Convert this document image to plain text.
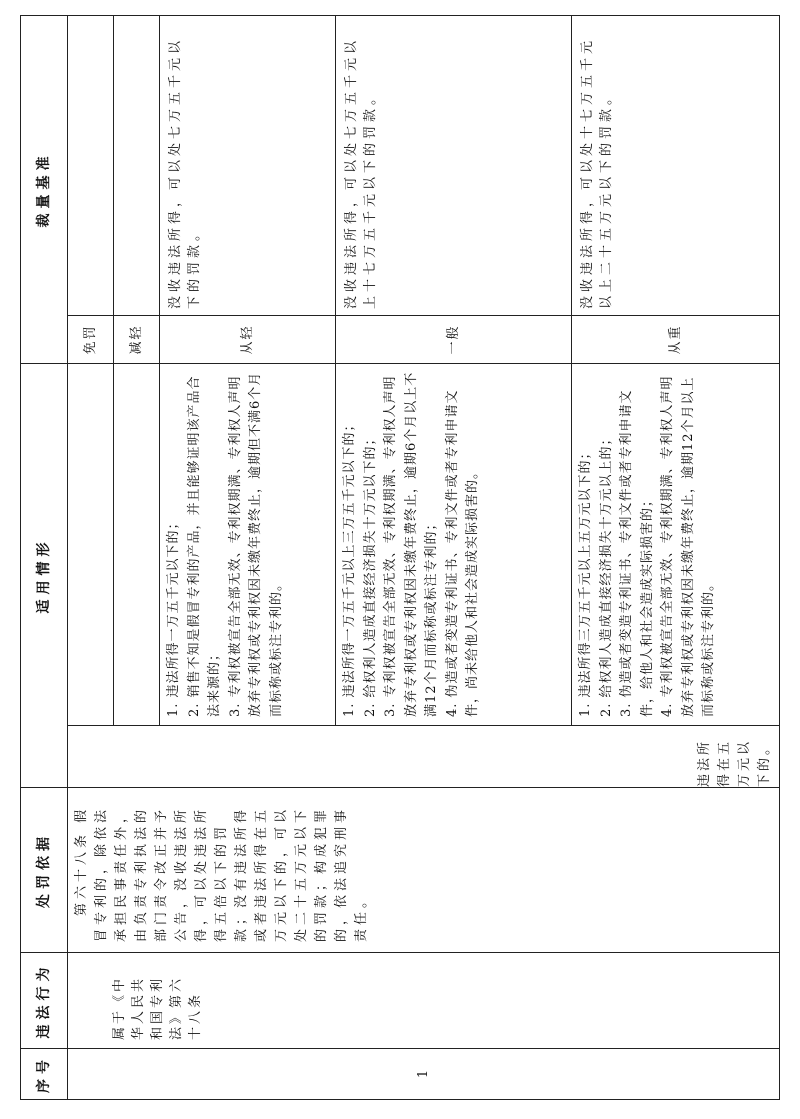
序号	违法行为	处罚依据	适用情形		裁量基准	
1	属于《中华人民共和国专利法》第六十八条	第六十八条 假冒专利的，除依法承担民事责任外，由负责专利执法的部门责令改正并予公告，没收违法所得，可以处违法所得五倍以下的罚款；没有违法所得或者违法所得在五万元以下的，可以处二十五万元以下的罚款；构成犯罪的，依法追究刑事责任。	违法所得在五万元以下的。		免罚	
					减轻	

				1. 违法所得一万五千元以下的； 2. 销售不知是假冒专利的产品，并且能够证明该产品合法来源的； 3. 专利权被宣告全部无效、专利权期满、专利权人声明放弃专利权或专利权因未缴年费终止，逾期但不满6个月而标称或标注专利的。	从轻	没收违法所得，可以处七万五千元以下的罚款。

				1. 违法所得一万五千元以上三万五千元以下的； 2. 给权利人造成直接经济损失十万元以下的； 3. 专利权被宣告全部无效、专利权期满、专利权人声明放弃专利权或专利权因未缴年费终止，逾期6个月以上不满12个月而标称或标注专利的； 4. 伪造或者变造专利证书、专利文件或者专利申请文件，尚未给他人和社会造成实际损害的。	一般	没收违法所得，可以处七万五千元以上十七万五千元以下的罚款。

				1. 违法所得三万五千元以上五万元以下的； 2. 给权利人造成直接经济损失十万元以上的； 3. 伪造或者变造专利证书、专利文件或者专利申请文件，给他人和社会造成实际损害的； 4. 专利权被宣告全部无效、专利权期满、专利权人声明放弃专利权或专利权因未缴年费终止，逾期12个月以上而标称或标注专利的。	从重	没收违法所得，可以处十七万五千元以上二十五万元以下的罚款。
